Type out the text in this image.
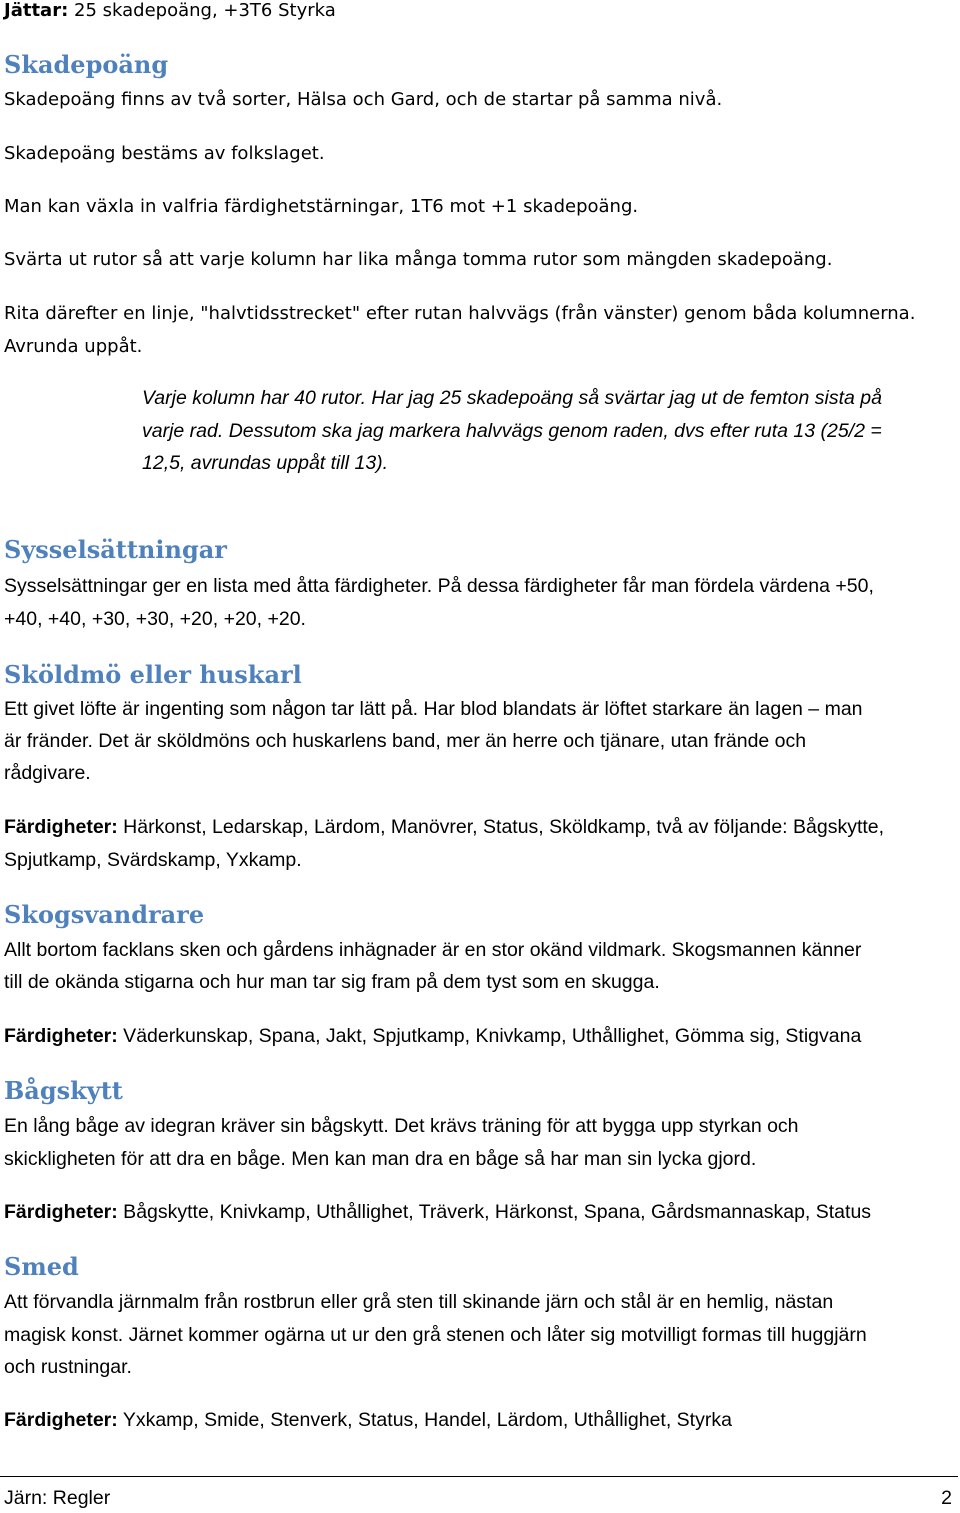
Jättar: 25 skadepoäng, +3T6 Styrka

Skadepoäng

Skadepoäng finns av två sorter, Hälsa och Gard, och de startar på samma nivå.

Skadepoäng bestäms av folkslaget.

Man kan växla in valfria färdighetstärningar, 1T6 mot +1 skadepoäng.

Svärta ut rutor så att varje kolumn har lika många tomma rutor som mängden skadepoäng.

Rita därefter en linje, "halvtidsstrecket" efter rutan halvvägs (från vänster) genom båda kolumnerna.

Avrunda uppåt.

Varje kolumn har 40 rutor. Har jag 25 skadepoäng så svärtar jag ut de femton sista på

varje rad. Dessutom ska jag markera halvvägs genom raden, dvs efter ruta 13 (25/2 =

12,5, avrundas uppåt till 13).

Sysselsättningar

Sysselsättningar ger en lista med åtta färdigheter. På dessa färdigheter får man fördela värdena +50,

+40, +40, +30, +30, +20, +20, +20.

Sköldmö eller huskarl

Ett givet löfte är ingenting som någon tar lätt på. Har blod blandats är löftet starkare än lagen – man

är fränder. Det är sköldmöns och huskarlens band, mer än herre och tjänare, utan frände och

rådgivare.

Färdigheter: Härkonst, Ledarskap, Lärdom, Manövrer, Status, Sköldkamp, två av följande: Bågskytte,

Spjutkamp, Svärdskamp, Yxkamp.

Skogsvandrare

Allt bortom facklans sken och gårdens inhägnader är en stor okänd vildmark. Skogsmannen känner

till de okända stigarna och hur man tar sig fram på dem tyst som en skugga.

Färdigheter: Väderkunskap, Spana, Jakt, Spjutkamp, Knivkamp, Uthållighet, Gömma sig, Stigvana

Bågskytt

En lång båge av idegran kräver sin bågskytt. Det krävs träning för att bygga upp styrkan och

skickligheten för att dra en båge. Men kan man dra en båge så har man sin lycka gjord.

Färdigheter: Bågskytte, Knivkamp, Uthållighet, Träverk, Härkonst, Spana, Gårdsmannaskap, Status

Smed

Att förvandla järnmalm från rostbrun eller grå sten till skinande järn och stål är en hemlig, nästan

magisk konst. Järnet kommer ogärna ut ur den grå stenen och låter sig motvilligt formas till huggjärn

och rustningar.

Färdigheter: Yxkamp, Smide, Stenverk, Status, Handel, Lärdom, Uthållighet, Styrka

Järn: Regler	2
